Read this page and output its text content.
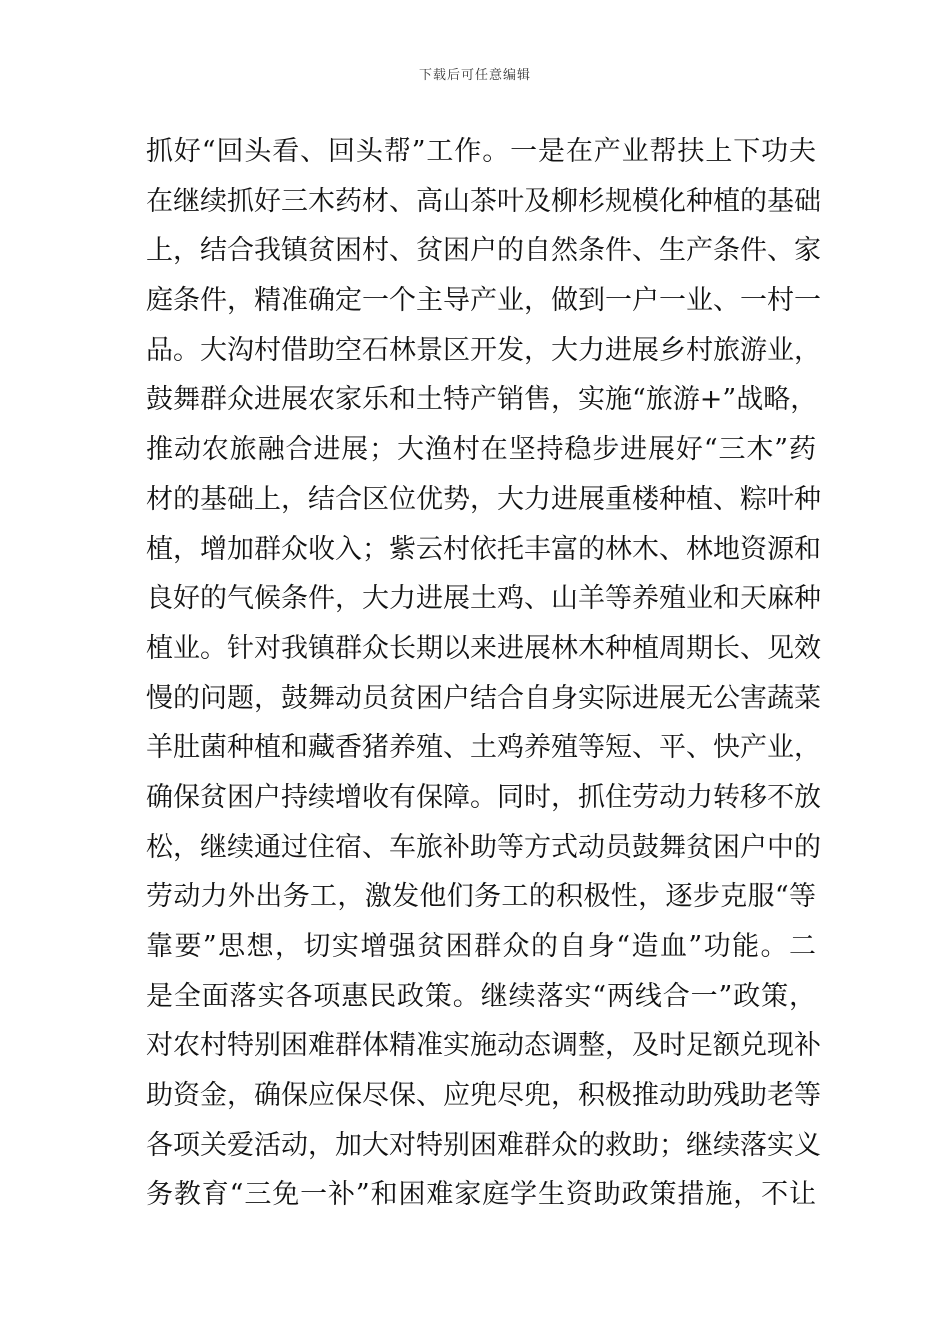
下载后可任意编辑
抓好“回头看、回头帮”工作。一是在产业帮扶上下功夫
在继续抓好三木药材、高山茶叶及柳杉规模化种植的基础
上，结合我镇贫困村、贫困户的自然条件、生产条件、家
庭条件，精准确定一个主导产业，做到一户一业、一村一
品。大沟村借助空石林景区开发，大力进展乡村旅游业，
鼓舞群众进展农家乐和土特产销售，实施“旅游+”战略，
推动农旅融合进展；大渔村在坚持稳步进展好“三木”药
材的基础上，结合区位优势，大力进展重楼种植、粽叶种
植，增加群众收入；紫云村依托丰富的林木、林地资源和
良好的气候条件，大力进展土鸡、山羊等养殖业和天麻种
植业。针对我镇群众长期以来进展林木种植周期长、见效
慢的问题，鼓舞动员贫困户结合自身实际进展无公害蔬菜
羊肚菌种植和藏香猪养殖、土鸡养殖等短、平、快产业，
确保贫困户持续增收有保障。同时，抓住劳动力转移不放
松，继续通过住宿、车旅补助等方式动员鼓舞贫困户中的
劳动力外出务工，激发他们务工的积极性，逐步克服“等
靠要”思想，切实增强贫困群众的自身“造血”功能。二
是全面落实各项惠民政策。继续落实“两线合一”政策，
对农村特别困难群体精准实施动态调整，及时足额兑现补
助资金，确保应保尽保、应兜尽兜，积极推动助残助老等
各项关爱活动，加大对特别困难群众的救助；继续落实义
务教育“三免一补”和困难家庭学生资助政策措施，不让
